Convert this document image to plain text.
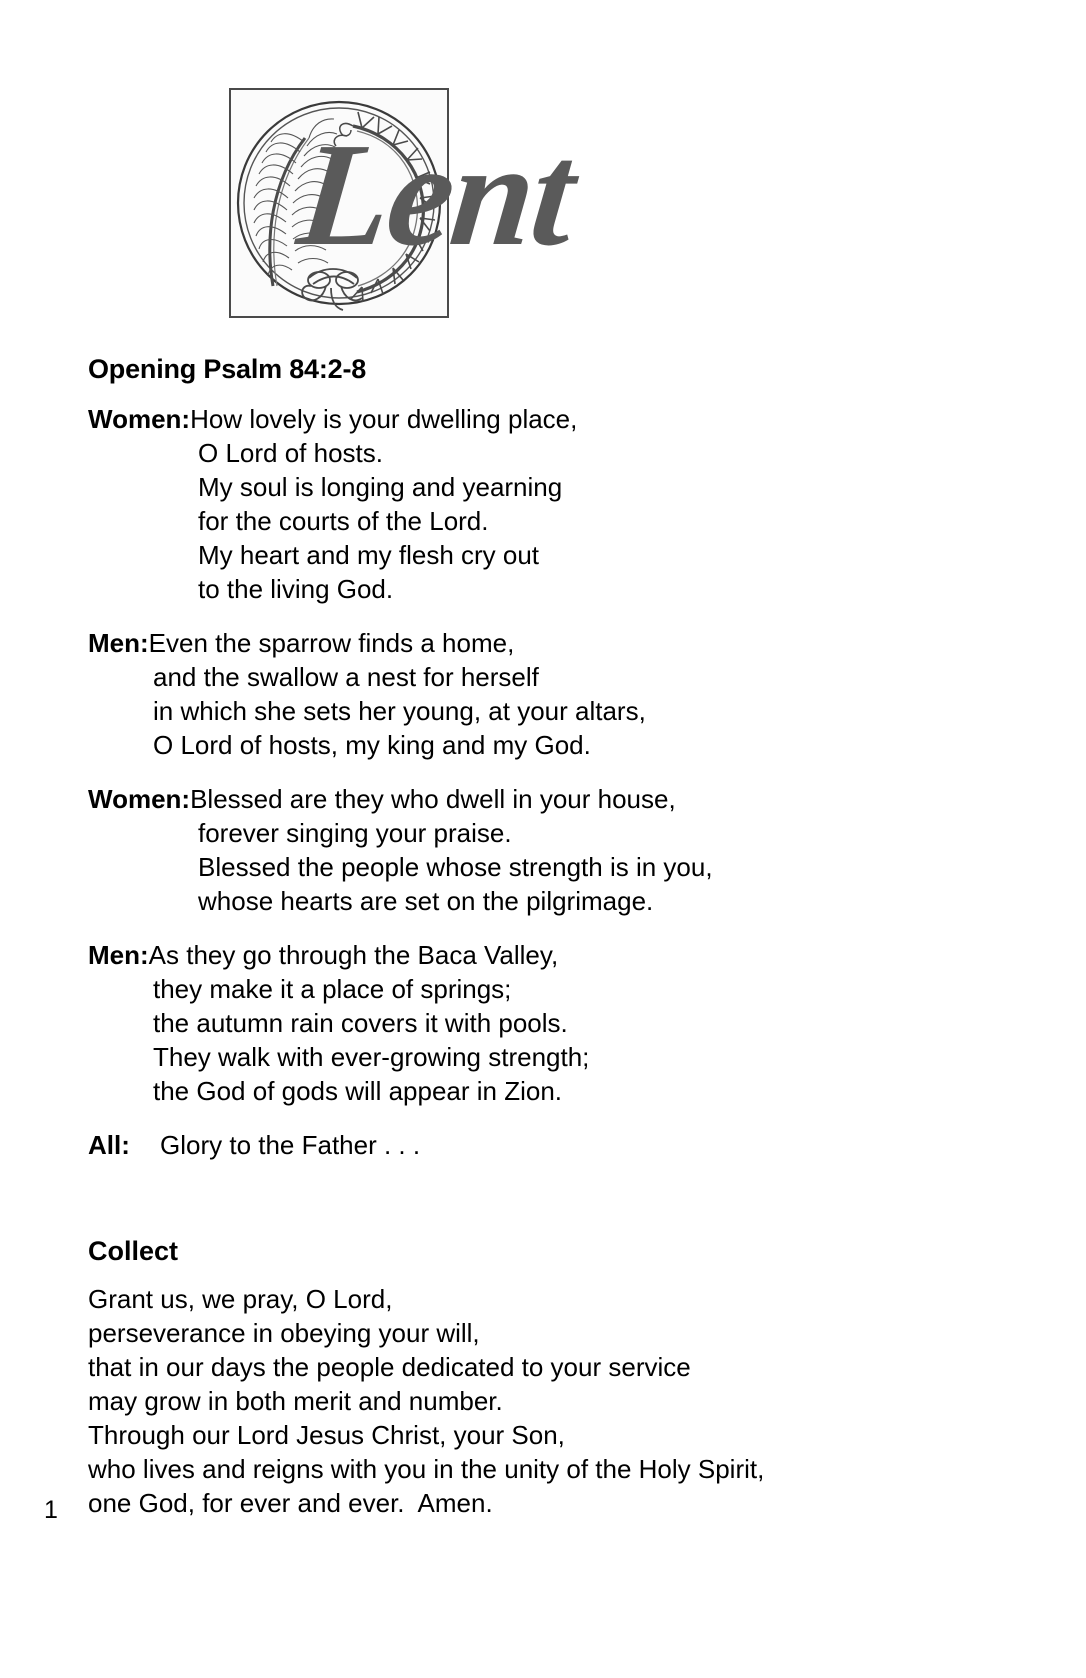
Lent
Opening Psalm 84:2-8
Women:How lovely is your dwelling place,
O Lord of hosts.
My soul is longing and yearning
for the courts of the Lord.
My heart and my flesh cry out
to the living God.
Men:Even the sparrow finds a home,
and the swallow a nest for herself
in which she sets her young, at your altars,
O Lord of hosts, my king and my God.
Women:Blessed are they who dwell in your house,
forever singing your praise.
Blessed the people whose strength is in you,
whose hearts are set on the pilgrimage.
Men:As they go through the Baca Valley,
they make it a place of springs;
the autumn rain covers it with pools.
They walk with ever-growing strength;
the God of gods will appear in Zion.

All: Glory to the Father . . .

Collect
Grant us, we pray, O Lord,
perseverance in obeying your will,
that in our days the people dedicated to your service
may grow in both merit and number.
Through our Lord Jesus Christ, your Son,
who lives and reigns with you in the unity of the Holy Spirit,
one God, for ever and ever.  Amen.
1
